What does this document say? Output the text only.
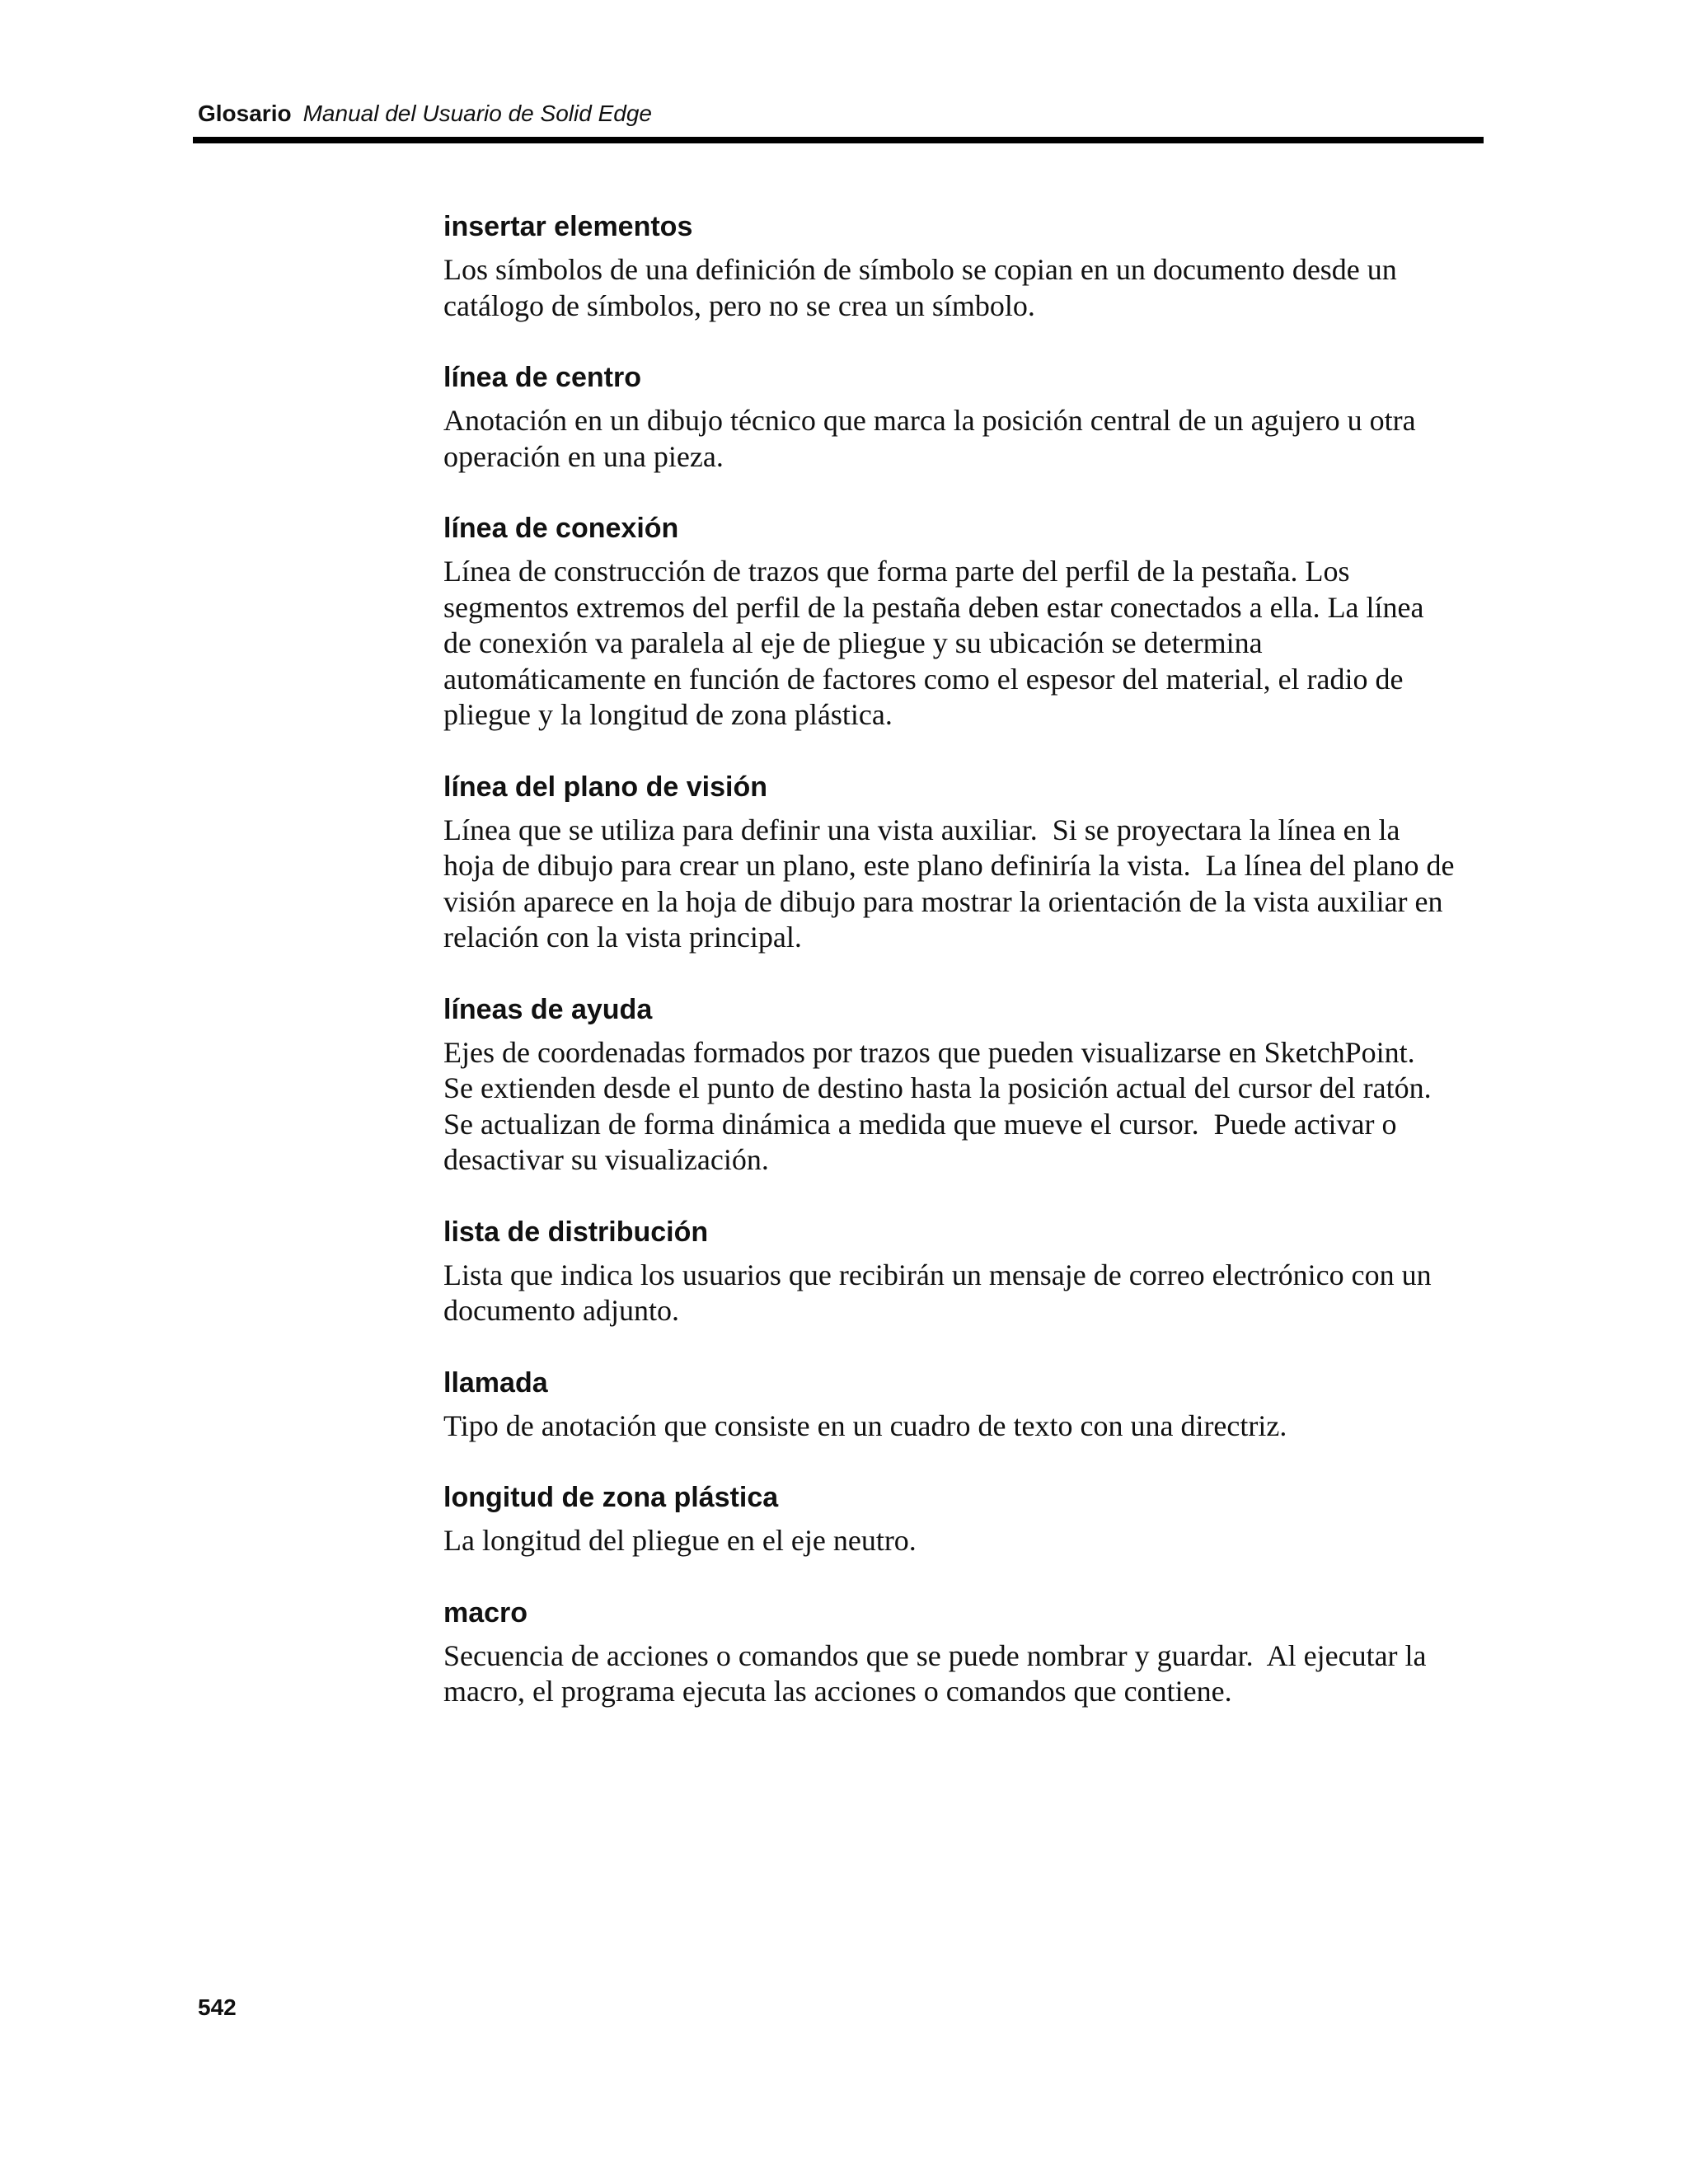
Glosario Manual del Usuario de Solid Edge
insertar elementos
Los símbolos de una definición de símbolo se copian en un documento desde un
catálogo de símbolos, pero no se crea un símbolo.
línea de centro
Anotación en un dibujo técnico que marca la posición central de un agujero u otra
operación en una pieza.
línea de conexión
Línea de construcción de trazos que forma parte del perfil de la pestaña. Los
segmentos extremos del perfil de la pestaña deben estar conectados a ella. La línea
de conexión va paralela al eje de pliegue y su ubicación se determina
automáticamente en función de factores como el espesor del material, el radio de
pliegue y la longitud de zona plástica.
línea del plano de visión
Línea que se utiliza para definir una vista auxiliar.  Si se proyectara la línea en la
hoja de dibujo para crear un plano, este plano definiría la vista.  La línea del plano de
visión aparece en la hoja de dibujo para mostrar la orientación de la vista auxiliar en
relación con la vista principal.
líneas de ayuda
Ejes de coordenadas formados por trazos que pueden visualizarse en SketchPoint.
Se extienden desde el punto de destino hasta la posición actual del cursor del ratón.
Se actualizan de forma dinámica a medida que mueve el cursor.  Puede activar o
desactivar su visualización.
lista de distribución
Lista que indica los usuarios que recibirán un mensaje de correo electrónico con un
documento adjunto.
llamada
Tipo de anotación que consiste en un cuadro de texto con una directriz.
longitud de zona plástica
La longitud del pliegue en el eje neutro.
macro
Secuencia de acciones o comandos que se puede nombrar y guardar.  Al ejecutar la
macro, el programa ejecuta las acciones o comandos que contiene.
542
